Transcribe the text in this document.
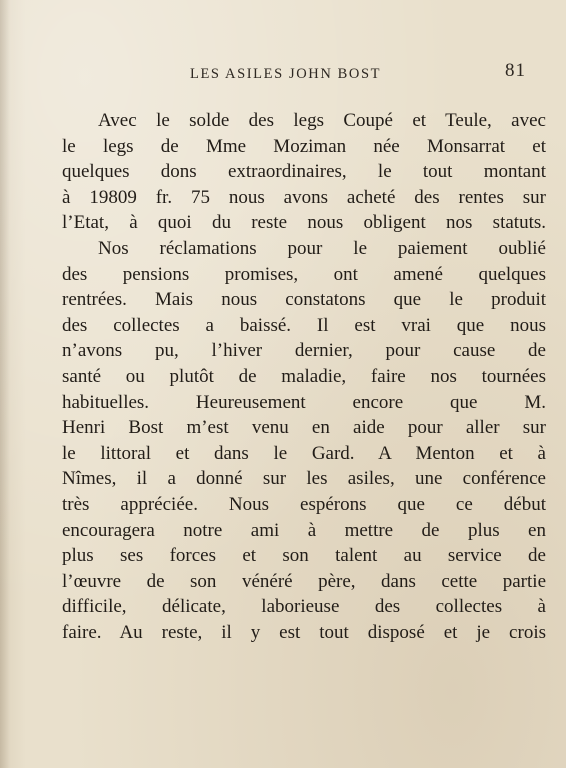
LES ASILES JOHN BOST	81
Avec le solde des legs Coupé et Teule, avec
le legs de Mme Moziman née Monsarrat et
quelques dons extraordinaires, le tout montant
à 19809 fr. 75 nous avons acheté des rentes sur
l’Etat, à quoi du reste nous obligent nos statuts.
Nos réclamations pour le paiement oublié
des pensions promises, ont amené quelques
rentrées. Mais nous constatons que le produit
des collectes a baissé. Il est vrai que nous
n’avons pu, l’hiver dernier, pour cause de
santé ou plutôt de maladie, faire nos tournées
habituelles. Heureusement encore que M.
Henri Bost m’est venu en aide pour aller sur
le littoral et dans le Gard. A Menton et à
Nîmes, il a donné sur les asiles, une conférence
très appréciée. Nous espérons que ce début
encouragera notre ami à mettre de plus en
plus ses forces et son talent au service de
l’œuvre de son vénéré père, dans cette partie
difficile, délicate, laborieuse des collectes à
faire. Au reste, il y est tout disposé et je crois
